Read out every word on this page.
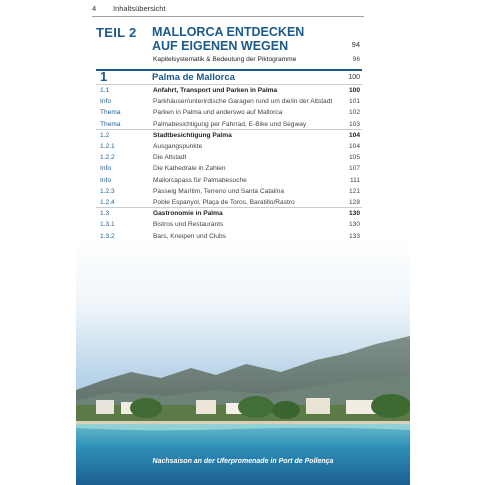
4 Inhaltsübersicht
TEIL 2 MALLORCA ENTDECKEN
AUF EIGENEN WEGEN	94
Kapitelsystematik & Bedeutung der Piktogramme	96
1	Palma de Mallorca	100
1.1	Anfahrt, Transport und Parken in Palma	100
Info	Parkhäuser/unterirdische Garagen rund um die/in der Altstadt	101
Thema	Parken in Palma und anderswo auf Mallorca	102
Thema	Palmabesichtigung per Fahrrad, E-Bike und Segway	103
1.2	Stadtbesichtigung Palma	104
1.2.1	Ausgangspunkte	104
1.2.2	Die Altstadt	105
Info	Die Kathedrale in Zahlen	107
Info	Mallorcapass für Palmabesuche	111
1.2.3	Passeig Marítim, Terreno und Santa Catalina	121
1.2.4	Poble Espanyol, Plaça de Toros, Baratillo/Rastro	128
1.3	Gastronomie in Palma	130
1.3.1	Bistros und Restaurants	130
1.3.2	Bars, Kneipen und Clubs	133
Nachsaison an der Uferpromenade in Port de Pollença
